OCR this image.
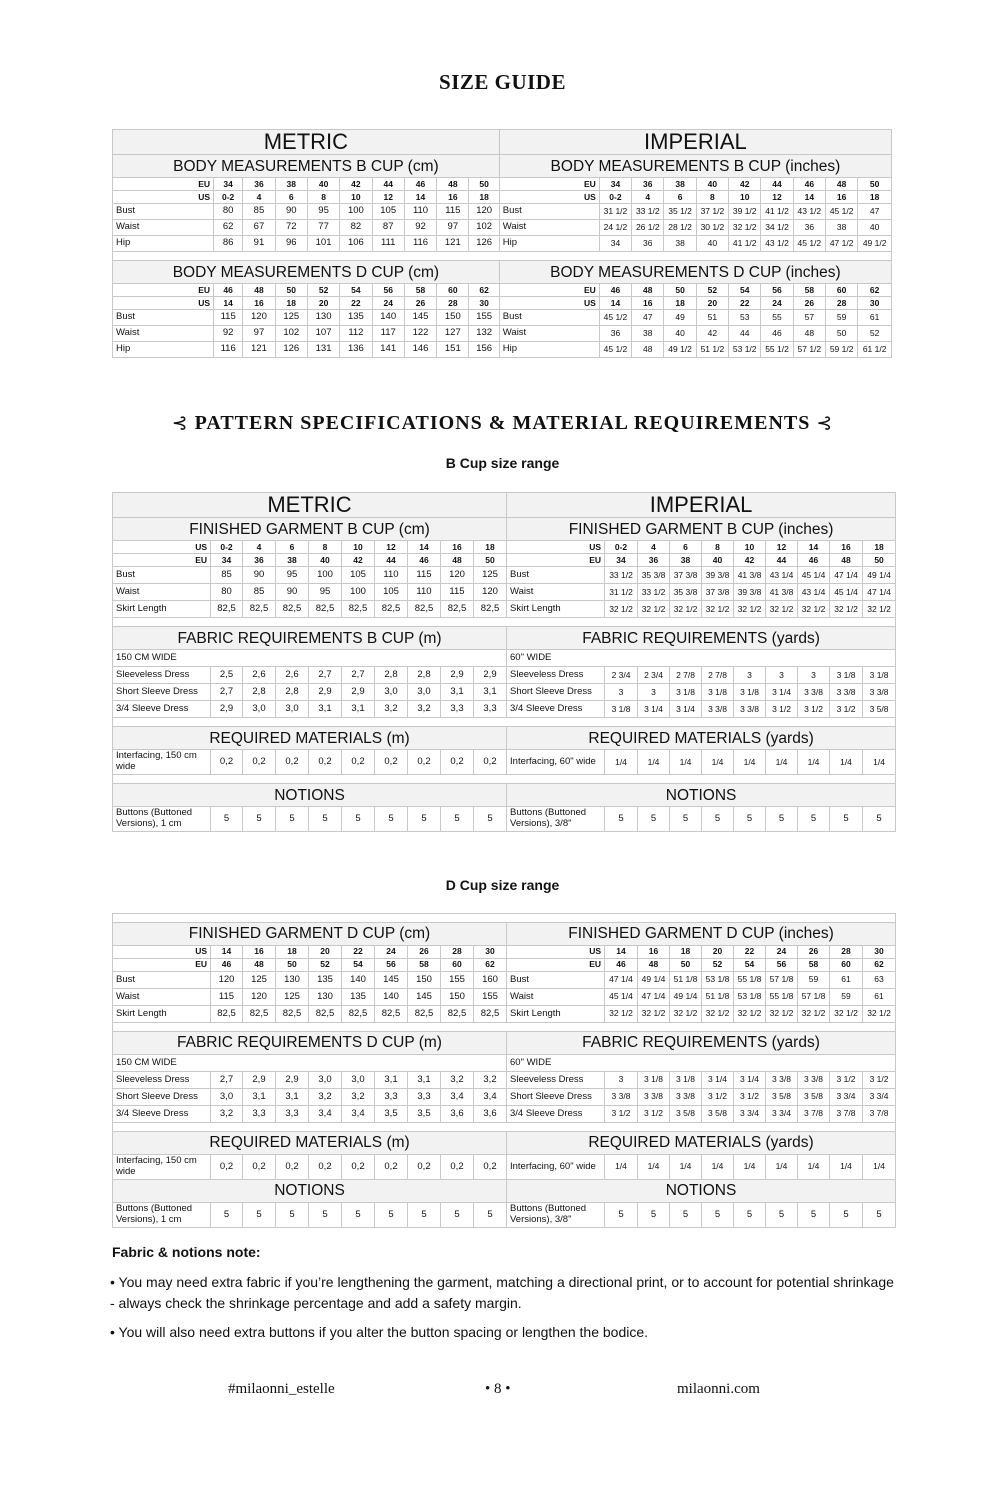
SIZE GUIDE
METRIC										IMPERIAL									
BODY MEASUREMENTS B CUP (cm)										BODY MEASUREMENTS B CUP (inches)									
EU	34	36	38	40	42	44	46	48	50	EU	34	36	38	40	42	44	46	48	50
US	0-2	4	6	8	10	12	14	16	18	US	0-2	4	6	8	10	12	14	16	18
Bust	80	85	90	95	100	105	110	115	120	Bust	31 1/2	33 1/2	35 1/2	37 1/2	39 1/2	41 1/2	43 1/2	45 1/2	47
Waist	62	67	72	77	82	87	92	97	102	Waist	24 1/2	26 1/2	28 1/2	30 1/2	32 1/2	34 1/2	36	38	40
Hip	86	91	96	101	106	111	116	121	126	Hip	34	36	38	40	41 1/2	43 1/2	45 1/2	47 1/2	49 1/2

BODY MEASUREMENTS D CUP (cm)										BODY MEASUREMENTS D CUP (inches)									
EU	46	48	50	52	54	56	58	60	62	EU	46	48	50	52	54	56	58	60	62
US	14	16	18	20	22	24	26	28	30	US	14	16	18	20	22	24	26	28	30
Bust	115	120	125	130	135	140	145	150	155	Bust	45 1/2	47	49	51	53	55	57	59	61
Waist	92	97	102	107	112	117	122	127	132	Waist	36	38	40	42	44	46	48	50	52
Hip	116	121	126	131	136	141	146	151	156	Hip	45 1/2	48	49 1/2	51 1/2	53 1/2	55 1/2	57 1/2	59 1/2	61 1/2
⊰ PATTERN SPECIFICATIONS & MATERIAL REQUIREMENTS ⊰
B Cup size range
METRIC										IMPERIAL									
FINISHED GARMENT B CUP (cm)										FINISHED GARMENT B CUP (inches)									
US	0-2	4	6	8	10	12	14	16	18	US	0-2	4	6	8	10	12	14	16	18
EU	34	36	38	40	42	44	46	48	50	EU	34	36	38	40	42	44	46	48	50
Bust	85	90	95	100	105	110	115	120	125	Bust	33 1/2	35 3/8	37 3/8	39 3/8	41 3/8	43 1/4	45 1/4	47 1/4	49 1/4
Waist	80	85	90	95	100	105	110	115	120	Waist	31 1/2	33 1/2	35 3/8	37 3/8	39 3/8	41 3/8	43 1/4	45 1/4	47 1/4
Skirt Length	82,5	82,5	82,5	82,5	82,5	82,5	82,5	82,5	82,5	Skirt Length	32 1/2	32 1/2	32 1/2	32 1/2	32 1/2	32 1/2	32 1/2	32 1/2	32 1/2

FABRIC REQUIREMENTS B CUP (m)										FABRIC REQUIREMENTS (yards)									
150 CM WIDE										60" WIDE									
Sleeveless Dress	2,5	2,6	2,6	2,7	2,7	2,8	2,8	2,9	2,9	Sleeveless Dress	2 3/4	2 3/4	2 7/8	2 7/8	3	3	3	3 1/8	3 1/8
Short Sleeve Dress	2,7	2,8	2,8	2,9	2,9	3,0	3,0	3,1	3,1	Short Sleeve Dress	3	3	3 1/8	3 1/8	3 1/8	3 1/4	3 3/8	3 3/8	3 3/8
3/4 Sleeve Dress	2,9	3,0	3,0	3,1	3,1	3,2	3,2	3,3	3,3	3/4 Sleeve Dress	3 1/8	3 1/4	3 1/4	3 3/8	3 3/8	3 1/2	3 1/2	3 1/2	3 5/8

REQUIRED MATERIALS (m)										REQUIRED MATERIALS (yards)									
Interfacing, 150 cm wide	0,2	0,2	0,2	0,2	0,2	0,2	0,2	0,2	0,2	Interfacing, 60" wide	1/4	1/4	1/4	1/4	1/4	1/4	1/4	1/4	1/4

NOTIONS										NOTIONS									
Buttons (Buttoned Versions), 1 cm	5	5	5	5	5	5	5	5	5	Buttons (Buttoned Versions), 3/8"	5	5	5	5	5	5	5	5	5
D Cup size range

FINISHED GARMENT D CUP (cm)										FINISHED GARMENT D CUP (inches)									
US	14	16	18	20	22	24	26	28	30	US	14	16	18	20	22	24	26	28	30
EU	46	48	50	52	54	56	58	60	62	EU	46	48	50	52	54	56	58	60	62
Bust	120	125	130	135	140	145	150	155	160	Bust	47 1/4	49 1/4	51 1/8	53 1/8	55 1/8	57 1/8	59	61	63
Waist	115	120	125	130	135	140	145	150	155	Waist	45 1/4	47 1/4	49 1/4	51 1/8	53 1/8	55 1/8	57 1/8	59	61
Skirt Length	82,5	82,5	82,5	82,5	82,5	82,5	82,5	82,5	82,5	Skirt Length	32 1/2	32 1/2	32 1/2	32 1/2	32 1/2	32 1/2	32 1/2	32 1/2	32 1/2

FABRIC REQUIREMENTS D CUP (m)										FABRIC REQUIREMENTS (yards)									
150 CM WIDE										60" WIDE									
Sleeveless Dress	2,7	2,9	2,9	3,0	3,0	3,1	3,1	3,2	3,2	Sleeveless Dress	3	3 1/8	3 1/8	3 1/4	3 1/4	3 3/8	3 3/8	3 1/2	3 1/2
Short Sleeve Dress	3,0	3,1	3,1	3,2	3,2	3,3	3,3	3,4	3,4	Short Sleeve Dress	3 3/8	3 3/8	3 3/8	3 1/2	3 1/2	3 5/8	3 5/8	3 3/4	3 3/4
3/4 Sleeve Dress	3,2	3,3	3,3	3,4	3,4	3,5	3,5	3,6	3,6	3/4 Sleeve Dress	3 1/2	3 1/2	3 5/8	3 5/8	3 3/4	3 3/4	3 7/8	3 7/8	3 7/8

REQUIRED MATERIALS (m)										REQUIRED MATERIALS (yards)									
Interfacing, 150 cm wide	0,2	0,2	0,2	0,2	0,2	0,2	0,2	0,2	0,2	Interfacing, 60" wide	1/4	1/4	1/4	1/4	1/4	1/4	1/4	1/4	1/4
NOTIONS										NOTIONS									
Buttons (Buttoned Versions), 1 cm	5	5	5	5	5	5	5	5	5	Buttons (Buttoned Versions), 3/8"	5	5	5	5	5	5	5	5	5
Fabric & notions note:
• You may need extra fabric if you’re lengthening the garment, matching a directional print, or to account for potential shrinkage - always check the shrinkage percentage and add a safety margin.
• You will also need extra buttons if you alter the button spacing or lengthen the bodice.
#milaonni_estelle	• 8 •	milaonni.com
